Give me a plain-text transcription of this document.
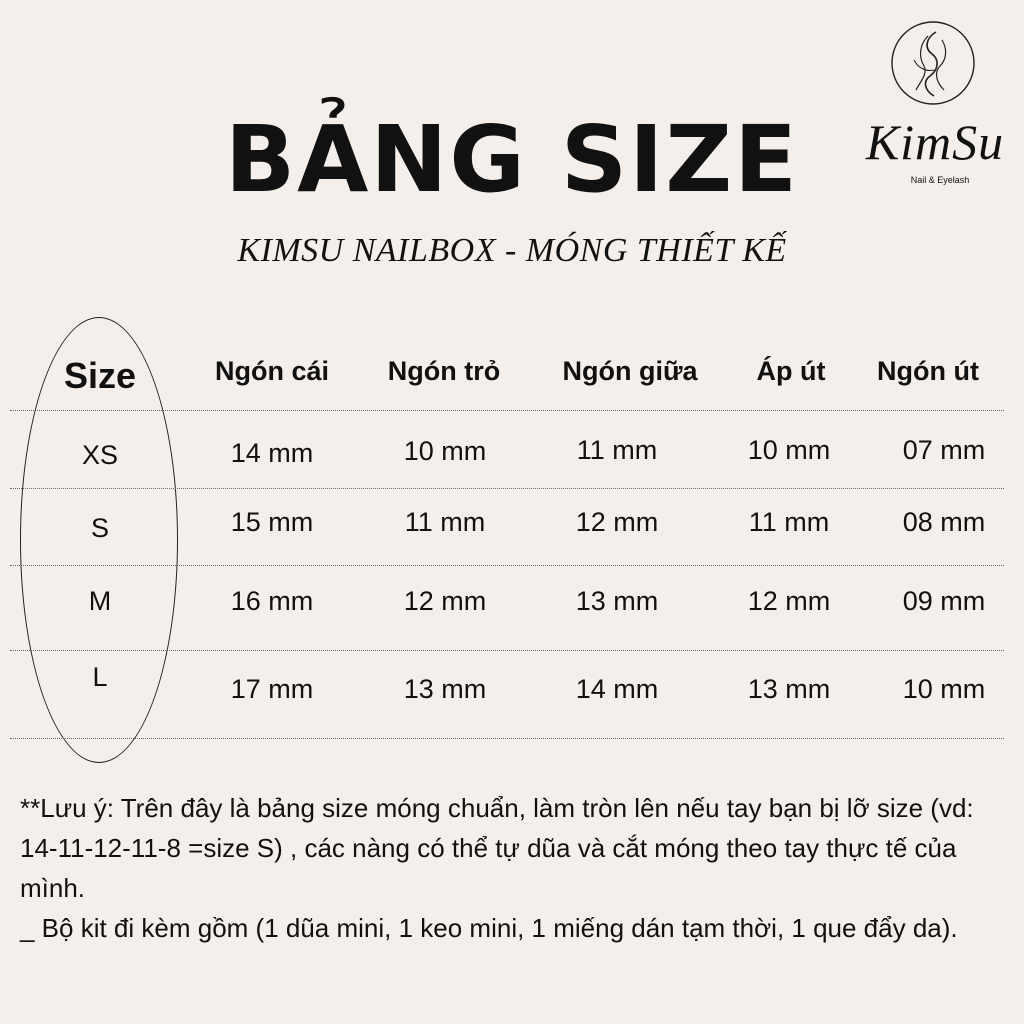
BẢNG SIZE
KIMSU NAILBOX - MÓNG THIẾT KẾ
KimSu
Nail & Eyelash
Size	Ngón cái	Ngón trỏ	Ngón giữa	Áp út	Ngón út
XS	14 mm	10 mm	11 mm	10 mm	07 mm
S	15 mm	11 mm	12 mm	11 mm	08 mm
M	16 mm	12 mm	13 mm	12 mm	09 mm
L	17 mm	13 mm	14 mm	13 mm	10 mm
**Lưu ý: Trên đây là bảng size móng chuẩn, làm tròn lên nếu tay bạn bị lỡ size (vd: 14-11-12-11-8 =size S) , các nàng có thể tự dũa và cắt móng theo tay thực tế của mình.
_ Bộ kit đi kèm gồm (1 dũa mini, 1 keo mini, 1 miếng dán tạm thời, 1 que đẩy da).
